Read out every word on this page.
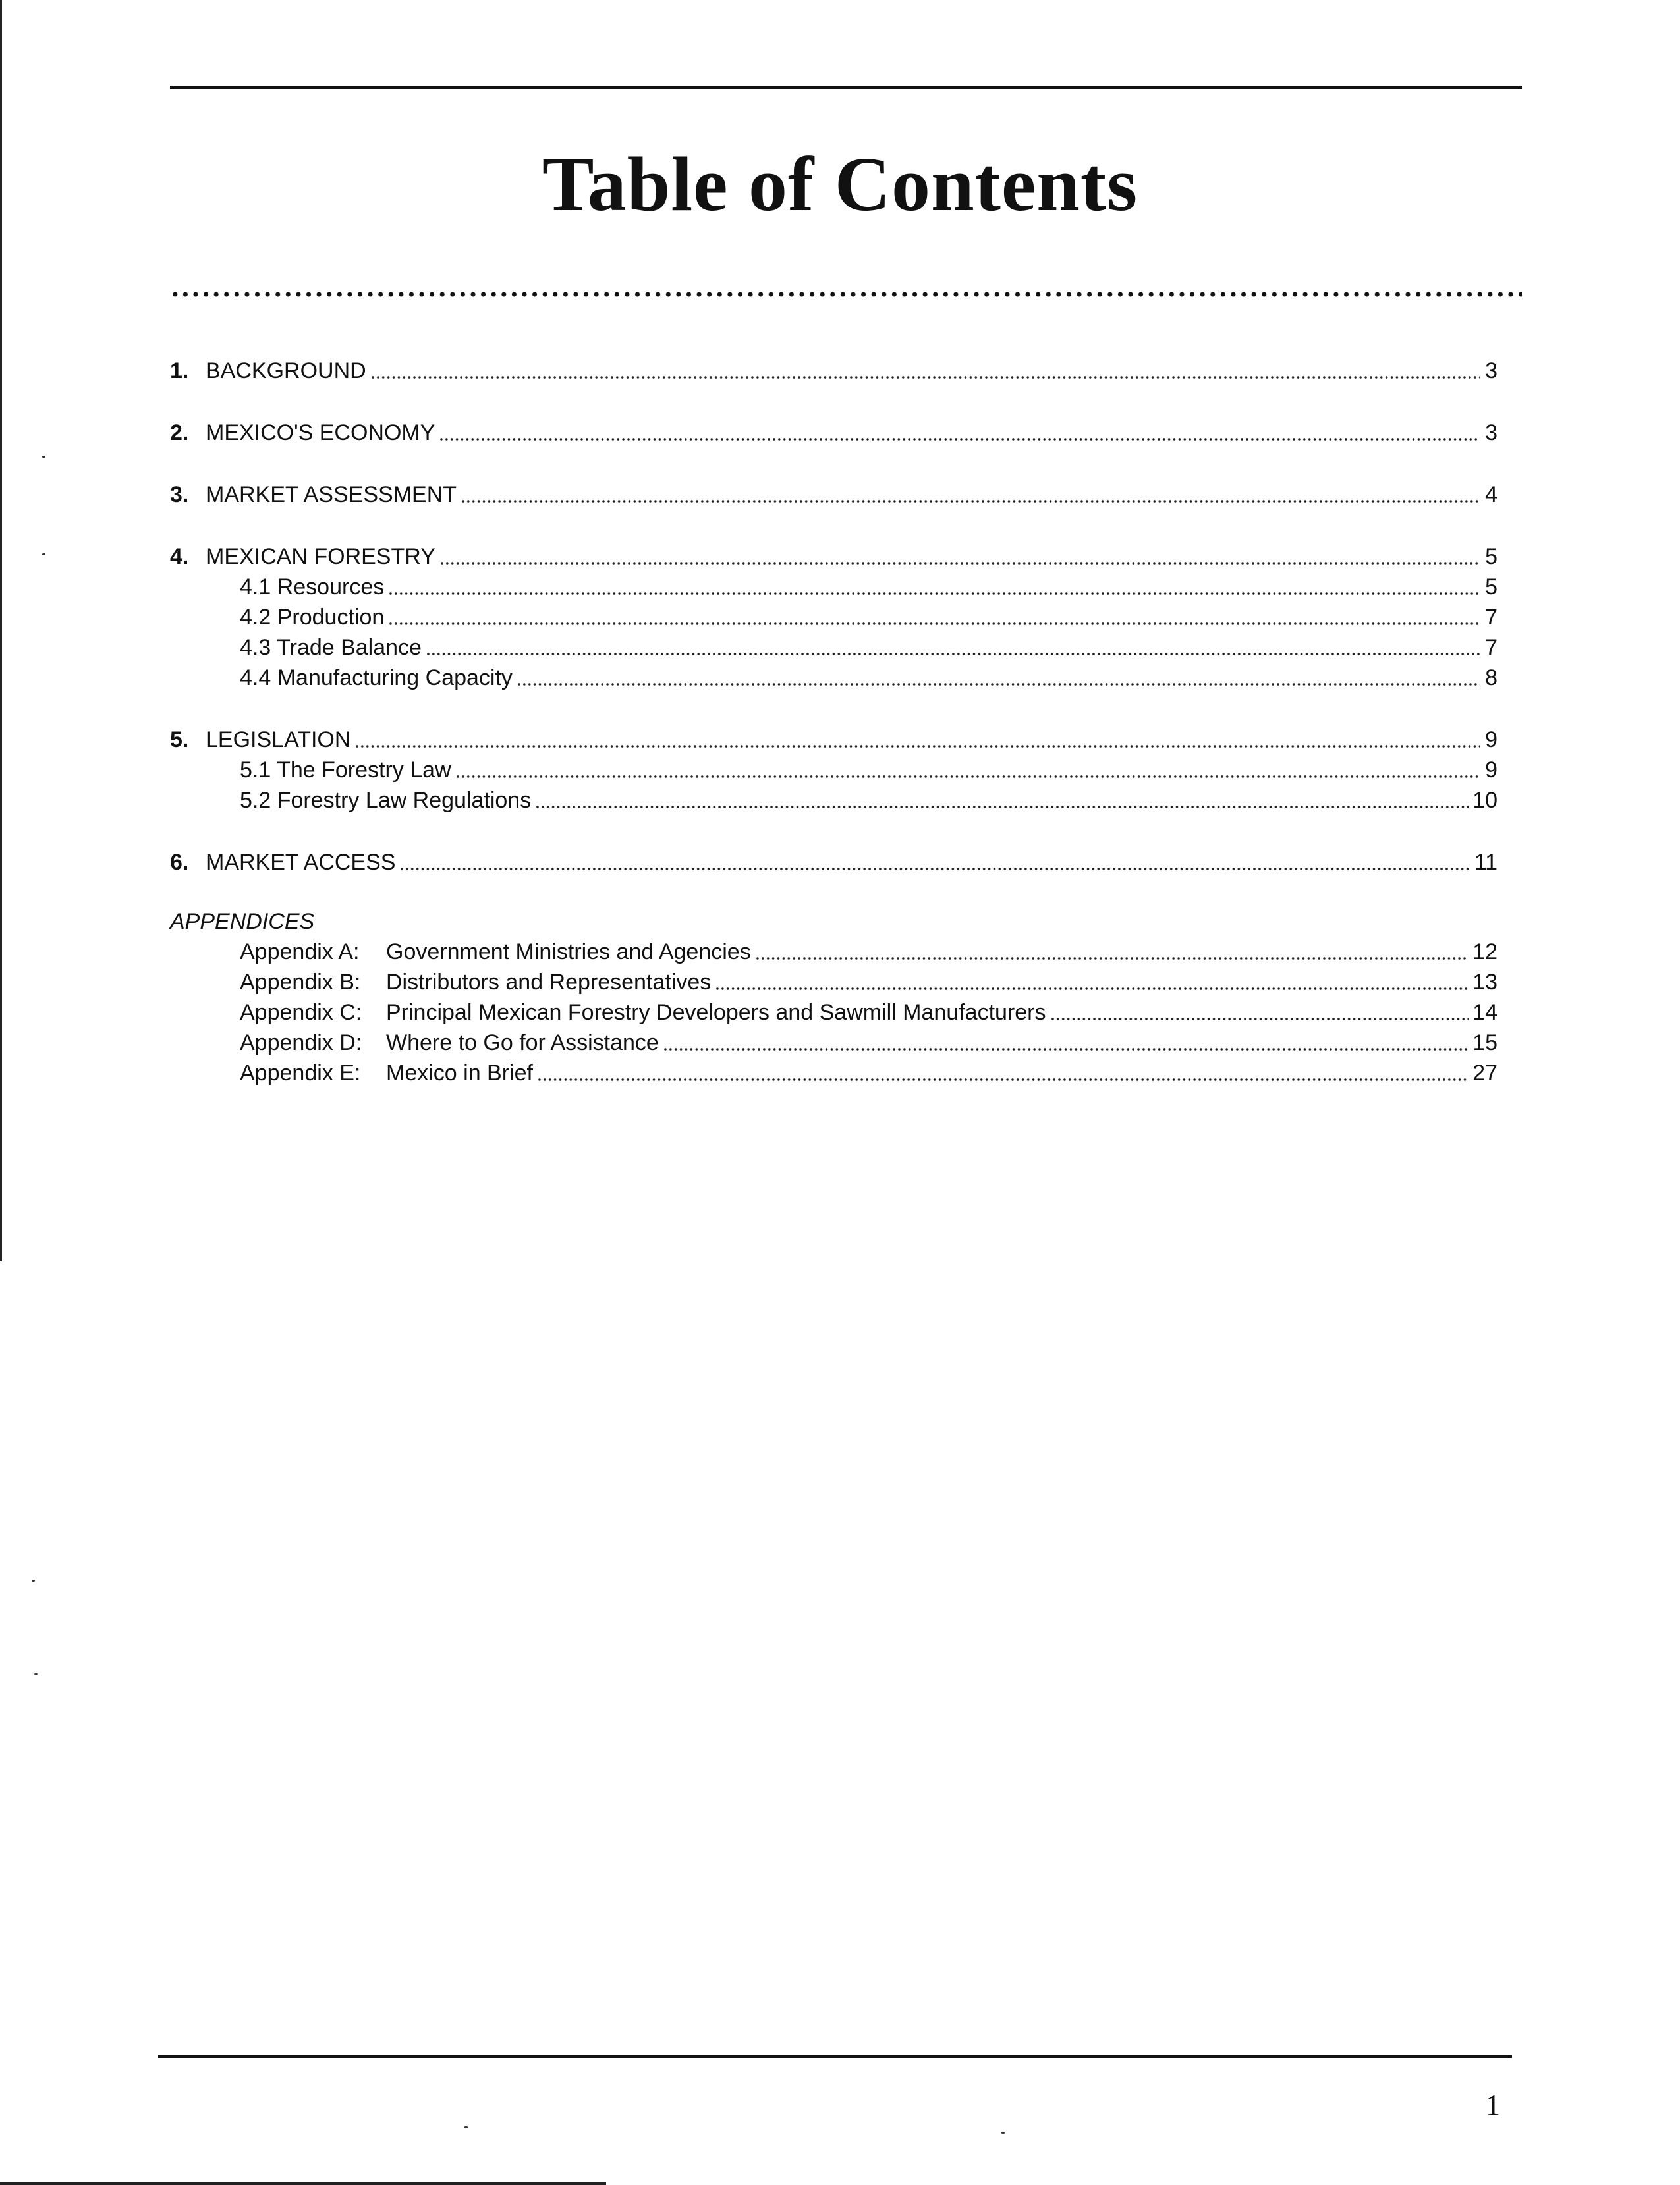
Table of Contents
1. BACKGROUND	3
2. MEXICO'S ECONOMY	3
3. MARKET ASSESSMENT	4
4. MEXICAN FORESTRY	5
4.1 Resources	5
4.2 Production	7
4.3 Trade Balance	7
4.4 Manufacturing Capacity	8
5. LEGISLATION	9
5.1 The Forestry Law	9
5.2 Forestry Law Regulations	10
6. MARKET ACCESS	11
APPENDICES
Appendix A:	Government Ministries and Agencies	12
Appendix B:	Distributors and Representatives	13
Appendix C:	Principal Mexican Forestry Developers and Sawmill Manufacturers	14
Appendix D:	Where to Go for Assistance	15
Appendix E:	Mexico in Brief	27
1
